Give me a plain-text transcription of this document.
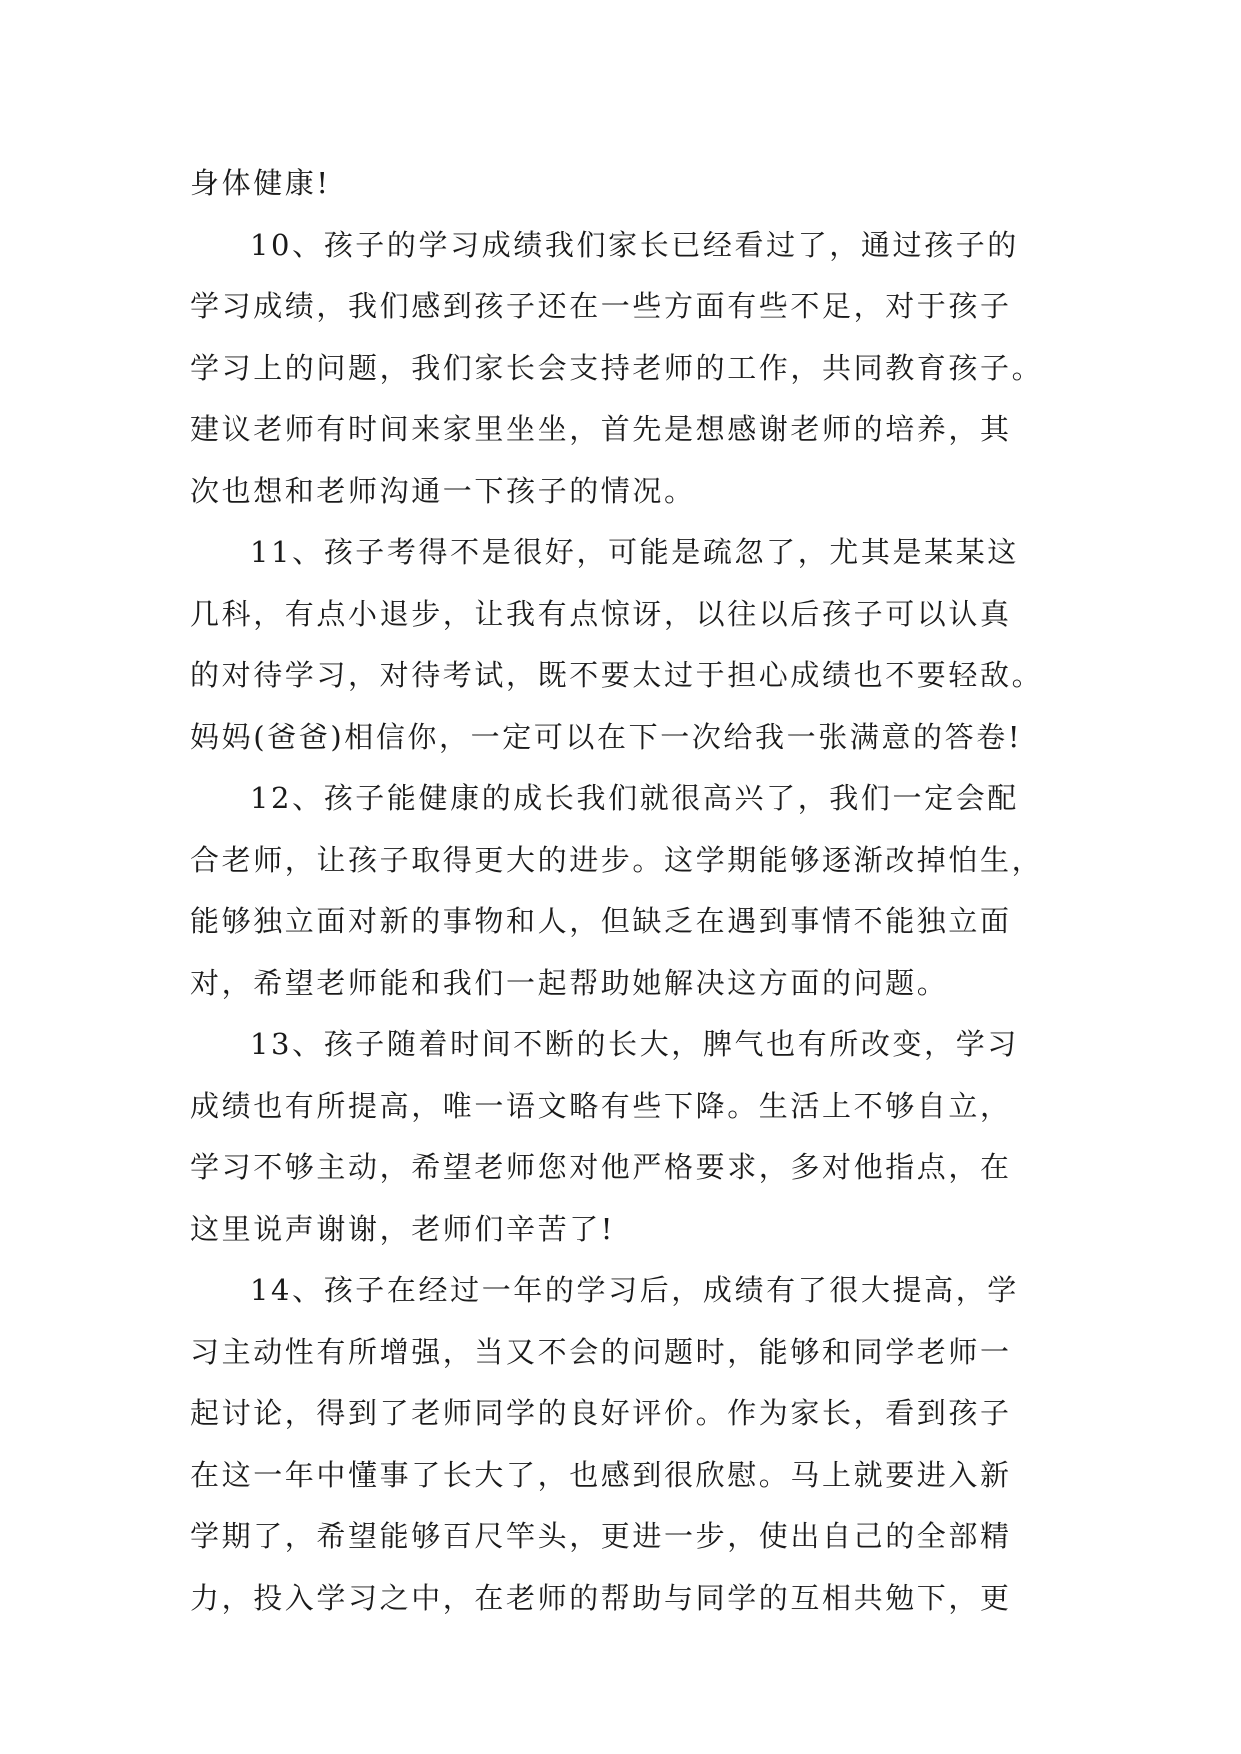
身体健康!
10、孩子的学习成绩我们家长已经看过了，通过孩子的
学习成绩，我们感到孩子还在一些方面有些不足，对于孩子
学习上的问题，我们家长会支持老师的工作，共同教育孩子。
建议老师有时间来家里坐坐，首先是想感谢老师的培养，其
次也想和老师沟通一下孩子的情况。
11、孩子考得不是很好，可能是疏忽了，尤其是某某这
几科，有点小退步，让我有点惊讶，以往以后孩子可以认真
的对待学习，对待考试，既不要太过于担心成绩也不要轻敌。
妈妈(爸爸)相信你，一定可以在下一次给我一张满意的答卷!
12、孩子能健康的成长我们就很高兴了，我们一定会配
合老师，让孩子取得更大的进步。这学期能够逐渐改掉怕生，
能够独立面对新的事物和人，但缺乏在遇到事情不能独立面
对，希望老师能和我们一起帮助她解决这方面的问题。
13、孩子随着时间不断的长大，脾气也有所改变，学习
成绩也有所提高，唯一语文略有些下降。生活上不够自立，
学习不够主动，希望老师您对他严格要求，多对他指点，在
这里说声谢谢，老师们辛苦了!
14、孩子在经过一年的学习后，成绩有了很大提高，学
习主动性有所增强，当又不会的问题时，能够和同学老师一
起讨论，得到了老师同学的良好评价。作为家长，看到孩子
在这一年中懂事了长大了，也感到很欣慰。马上就要进入新
学期了，希望能够百尺竿头，更进一步，使出自己的全部精
力，投入学习之中，在老师的帮助与同学的互相共勉下，更
